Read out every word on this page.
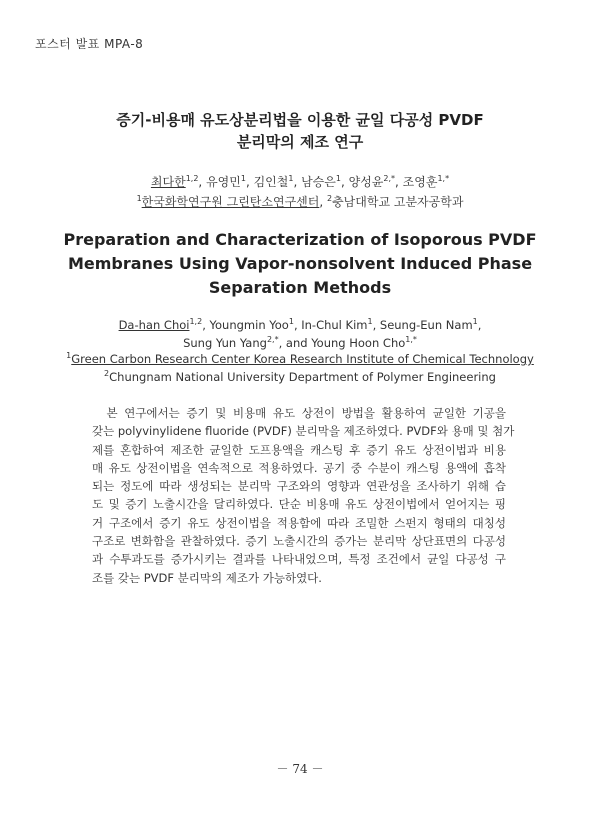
포스터 발표 MPA-8
증기-비용매 유도상분리법을 이용한 균일 다공성 PVDF
분리막의 제조 연구
최다한$^{1,2}$, 유영민$^1$, 김인철$^1$, 남승은$^1$, 양성윤$^{2,*}$, 조영훈$^{1,*}$
$^1$한국화학연구원 그린탄소연구센터, $^2$충남대학교 고분자공학과
Preparation and Characterization of Isoporous PVDF
Membranes Using Vapor-nonsolvent Induced Phase
Separation Methods
Da-han Choi$^{1,2}$, Youngmin Yoo$^1$, In-Chul Kim$^1$, Seung-Eun Nam$^1$,
Sung Yun Yang$^{2,*}$, and Young Hoon Cho$^{1,*}$
$^1$Green Carbon Research Center Korea Research Institute of Chemical Technology
$^2$Chungnam National University Department of Polymer Engineering
　본 연구에서는 증기 및 비용매 유도 상전이 방법을 활용하여 균일한 기공을
갖는 polyvinylidene fluoride (PVDF) 분리막을 제조하였다. PVDF와 용매 및 첨가
제를 혼합하여 제조한 균일한 도프용액을 캐스팅 후 증기 유도 상전이법과 비용
매 유도 상전이법을 연속적으로 적용하였다. 공기 중 수분이 캐스팅 용액에 흡착
되는 정도에 따라 생성되는 분리막 구조와의 영향과 연관성을 조사하기 위해 습
도 및 증기 노출시간을 달리하였다. 단순 비용매 유도 상전이법에서 얻어지는 핑
거 구조에서 증기 유도 상전이법을 적용함에 따라 조밀한 스펀지 형태의 대칭성
구조로 변화함을 관찰하였다. 증기 노출시간의 증가는 분리막 상단표면의 다공성
과 수투과도를 증가시키는 결과를 나타내었으며, 특정 조건에서 균일 다공성 구
조를 갖는 PVDF 분리막의 제조가 가능하였다.
－ 74 －
